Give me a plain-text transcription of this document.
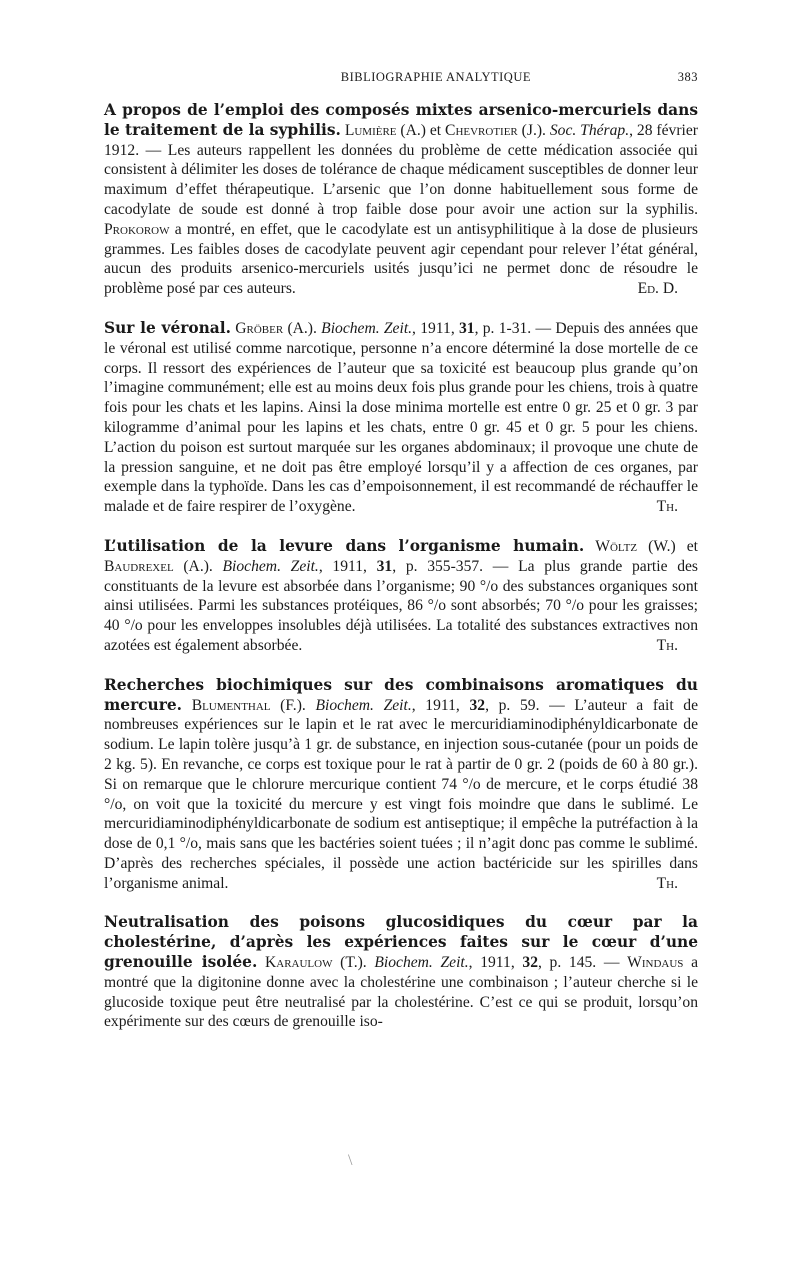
BIBLIOGRAPHIE ANALYTIQUE	383

A propos de l’emploi des composés mixtes arsenico-mercuriels dans le traitement de la syphilis. Lumière (A.) et Chevrotier (J.). Soc. Thérap., 28 février 1912. — Les auteurs rappellent les données du problème de cette médication associée qui consistent à délimiter les doses de tolérance de chaque médicament susceptibles de donner leur maximum d’effet thérapeutique. L’arsenic que l’on donne habituellement sous forme de cacodylate de soude est donné à trop faible dose pour avoir une action sur la syphilis. Prokorow a montré, en effet, que le cacodylate est un antisyphilitique à la dose de plusieurs grammes. Les faibles doses de cacodylate peuvent agir cependant pour relever l’état général, aucun des produits arsenico-mercuriels usités jusqu’ici ne permet donc de résoudre le problème posé par ces auteurs.	Ed. D.

Sur le véronal. Gröber (A.). Biochem. Zeit., 1911, 31, p. 1-31. — Depuis des années que le véronal est utilisé comme narcotique, personne n’a encore déterminé la dose mortelle de ce corps. Il ressort des expériences de l’auteur que sa toxicité est beaucoup plus grande qu’on l’imagine communément; elle est au moins deux fois plus grande pour les chiens, trois à quatre fois pour les chats et les lapins. Ainsi la dose minima mortelle est entre 0 gr. 25 et 0 gr. 3 par kilogramme d’animal pour les lapins et les chats, entre 0 gr. 45 et 0 gr. 5 pour les chiens. L’action du poison est surtout marquée sur les organes abdominaux; il provoque une chute de la pression sanguine, et ne doit pas être employé lorsqu’il y a affection de ces organes, par exemple dans la typhoïde. Dans les cas d’empoisonnement, il est recommandé de réchauffer le malade et de faire respirer de l’oxygène.	Th.

L’utilisation de la levure dans l’organisme humain. Wöltz (W.) et Baudrexel (A.). Biochem. Zeit., 1911, 31, p. 355-357. — La plus grande partie des constituants de la levure est absorbée dans l’organisme; 90 °/o des substances organiques sont ainsi utilisées. Parmi les substances protéiques, 86 °/o sont absorbés; 70 °/o pour les graisses; 40 °/o pour les enveloppes insolubles déjà utilisées. La totalité des substances extractives non azotées est également absorbée.	Th.

Recherches biochimiques sur des combinaisons aromatiques du mercure. Blumenthal (F.). Biochem. Zeit., 1911, 32, p. 59. — L’auteur a fait de nombreuses expériences sur le lapin et le rat avec le mercuridiaminodiphényldicarbonate de sodium. Le lapin tolère jusqu’à 1 gr. de substance, en injection sous-cutanée (pour un poids de 2 kg. 5). En revanche, ce corps est toxique pour le rat à partir de 0 gr. 2 (poids de 60 à 80 gr.). Si on remarque que le chlorure mercurique contient 74 °/o de mercure, et le corps étudié 38 °/o, on voit que la toxicité du mercure y est vingt fois moindre que dans le sublimé. Le mercuridiaminodiphényldicarbonate de sodium est antiseptique; il empêche la putréfaction à la dose de 0,1 °/o, mais sans que les bactéries soient tuées ; il n’agit donc pas comme le sublimé. D’après des recherches spéciales, il possède une action bactéricide sur les spirilles dans l’organisme animal.	Th.

Neutralisation des poisons glucosidiques du cœur par la cholestérine, d’après les expériences faites sur le cœur d’une grenouille isolée. Karaulow (T.). Biochem. Zeit., 1911, 32, p. 145. — Windaus a montré que la digitonine donne avec la cholestérine une combinaison ; l’auteur cherche si le glucoside toxique peut être neutralisé par la cholestérine. C’est ce qui se produit, lorsqu’on expérimente sur des cœurs de grenouille iso-

\
